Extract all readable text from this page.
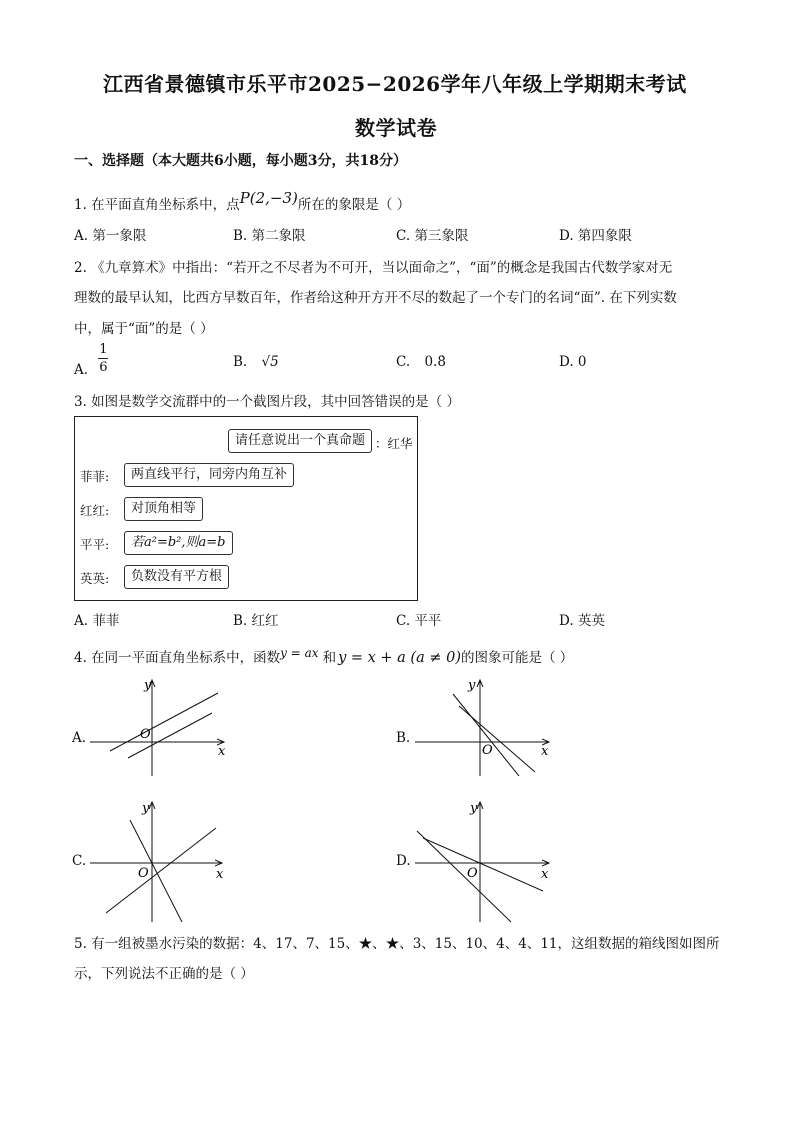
江西省景德镇市乐平市2025−2026学年八年级上学期期末考试
数学试卷
一、选择题（本大题共6小题，每小题3分，共18分）
1. 在平面直角坐标系中，点P(2,−3)所在的象限是（ ）
A. 第一象限	B. 第二象限	C. 第三象限	D. 第四象限
2. 《九章算术》中指出：“若开之不尽者为不可开，当以面命之”，“面”的概念是我国古代数学家对无
理数的最早认知，比西方早数百年，作者给这种开方开不尽的数起了一个专门的名词“面”. 在下列实数
中，属于“面”的是（ ）
A. $\frac{1}{6}$	B. √5	C. 0.8̇	D. 0
3. 如图是数学交流群中的一个截图片段，其中回答错误的是（ ）
请任意说出一个真命题 ：红华
菲菲:	两直线平行，同旁内角互补
红红:	对顶角相等
平平:	若a²=b²,则a=b
英英:	负数没有平方根
A. 菲菲	B. 红红	C. 平平	D. 英英
4. 在同一平面直角坐标系中，函数y = ax 和 y = x + a (a ≠ 0)的图象可能是（ ）
A.	B.
C.	D.
O
x
y
O	x
y
O	x
y
O	x
y
5. 有一组被墨水污染的数据：4、17、7、15、★、★、3、15、10、4、4、11，这组数据的箱线图如图所
示，下列说法不正确的是（ ）
